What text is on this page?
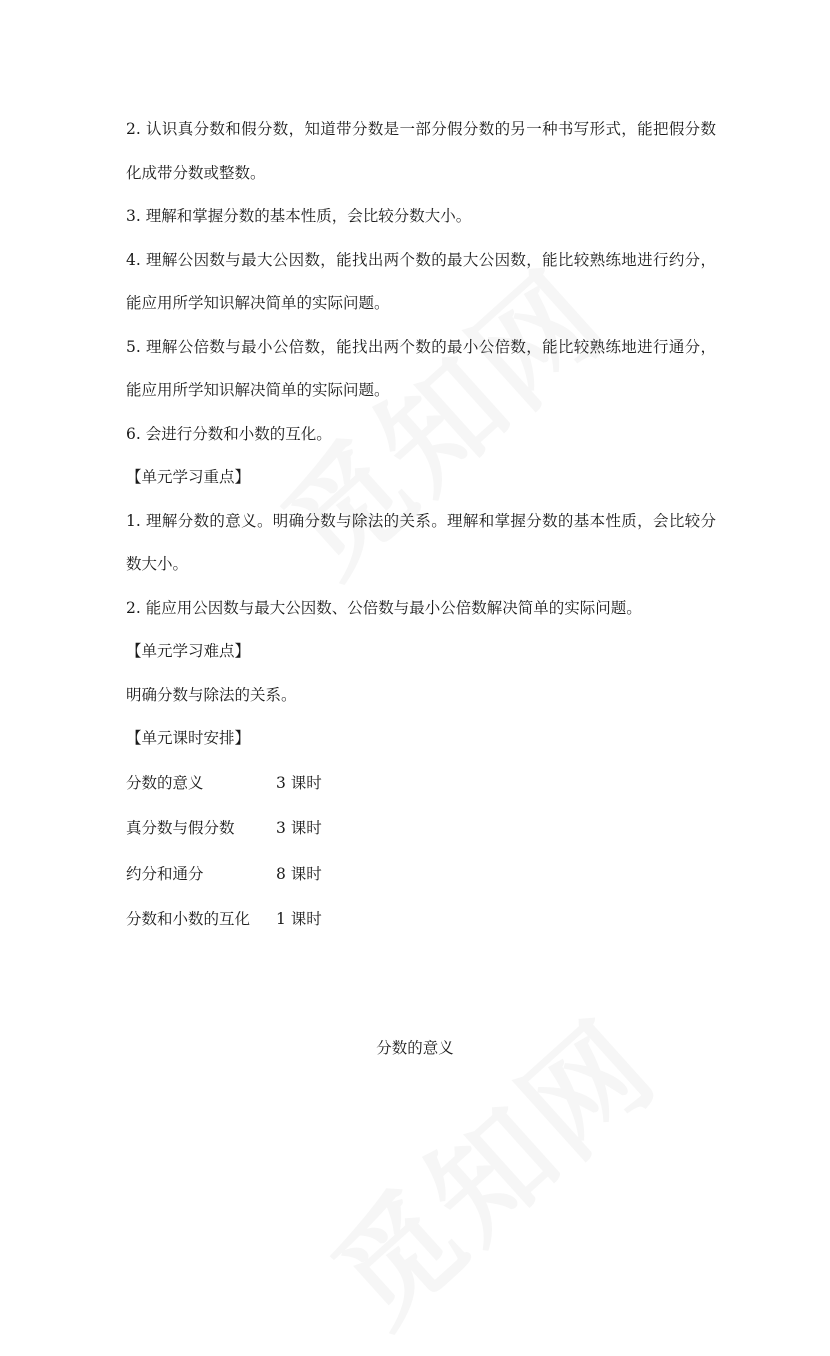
2. 认识真分数和假分数，知道带分数是一部分假分数的另一种书写形式，能把假分数化成带分数或整数。

3. 理解和掌握分数的基本性质，会比较分数大小。

4. 理解公因数与最大公因数，能找出两个数的最大公因数，能比较熟练地进行约分，能应用所学知识解决简单的实际问题。

5. 理解公倍数与最小公倍数，能找出两个数的最小公倍数，能比较熟练地进行通分，能应用所学知识解决简单的实际问题。

6. 会进行分数和小数的互化。

【单元学习重点】

1. 理解分数的意义。明确分数与除法的关系。理解和掌握分数的基本性质，会比较分数大小。

2. 能应用公因数与最大公因数、公倍数与最小公倍数解决简单的实际问题。

【单元学习难点】

明确分数与除法的关系。

【单元课时安排】

分数的意义	3 课时
真分数与假分数	3 课时
约分和通分	8 课时
分数和小数的互化	1 课时
分数的意义
